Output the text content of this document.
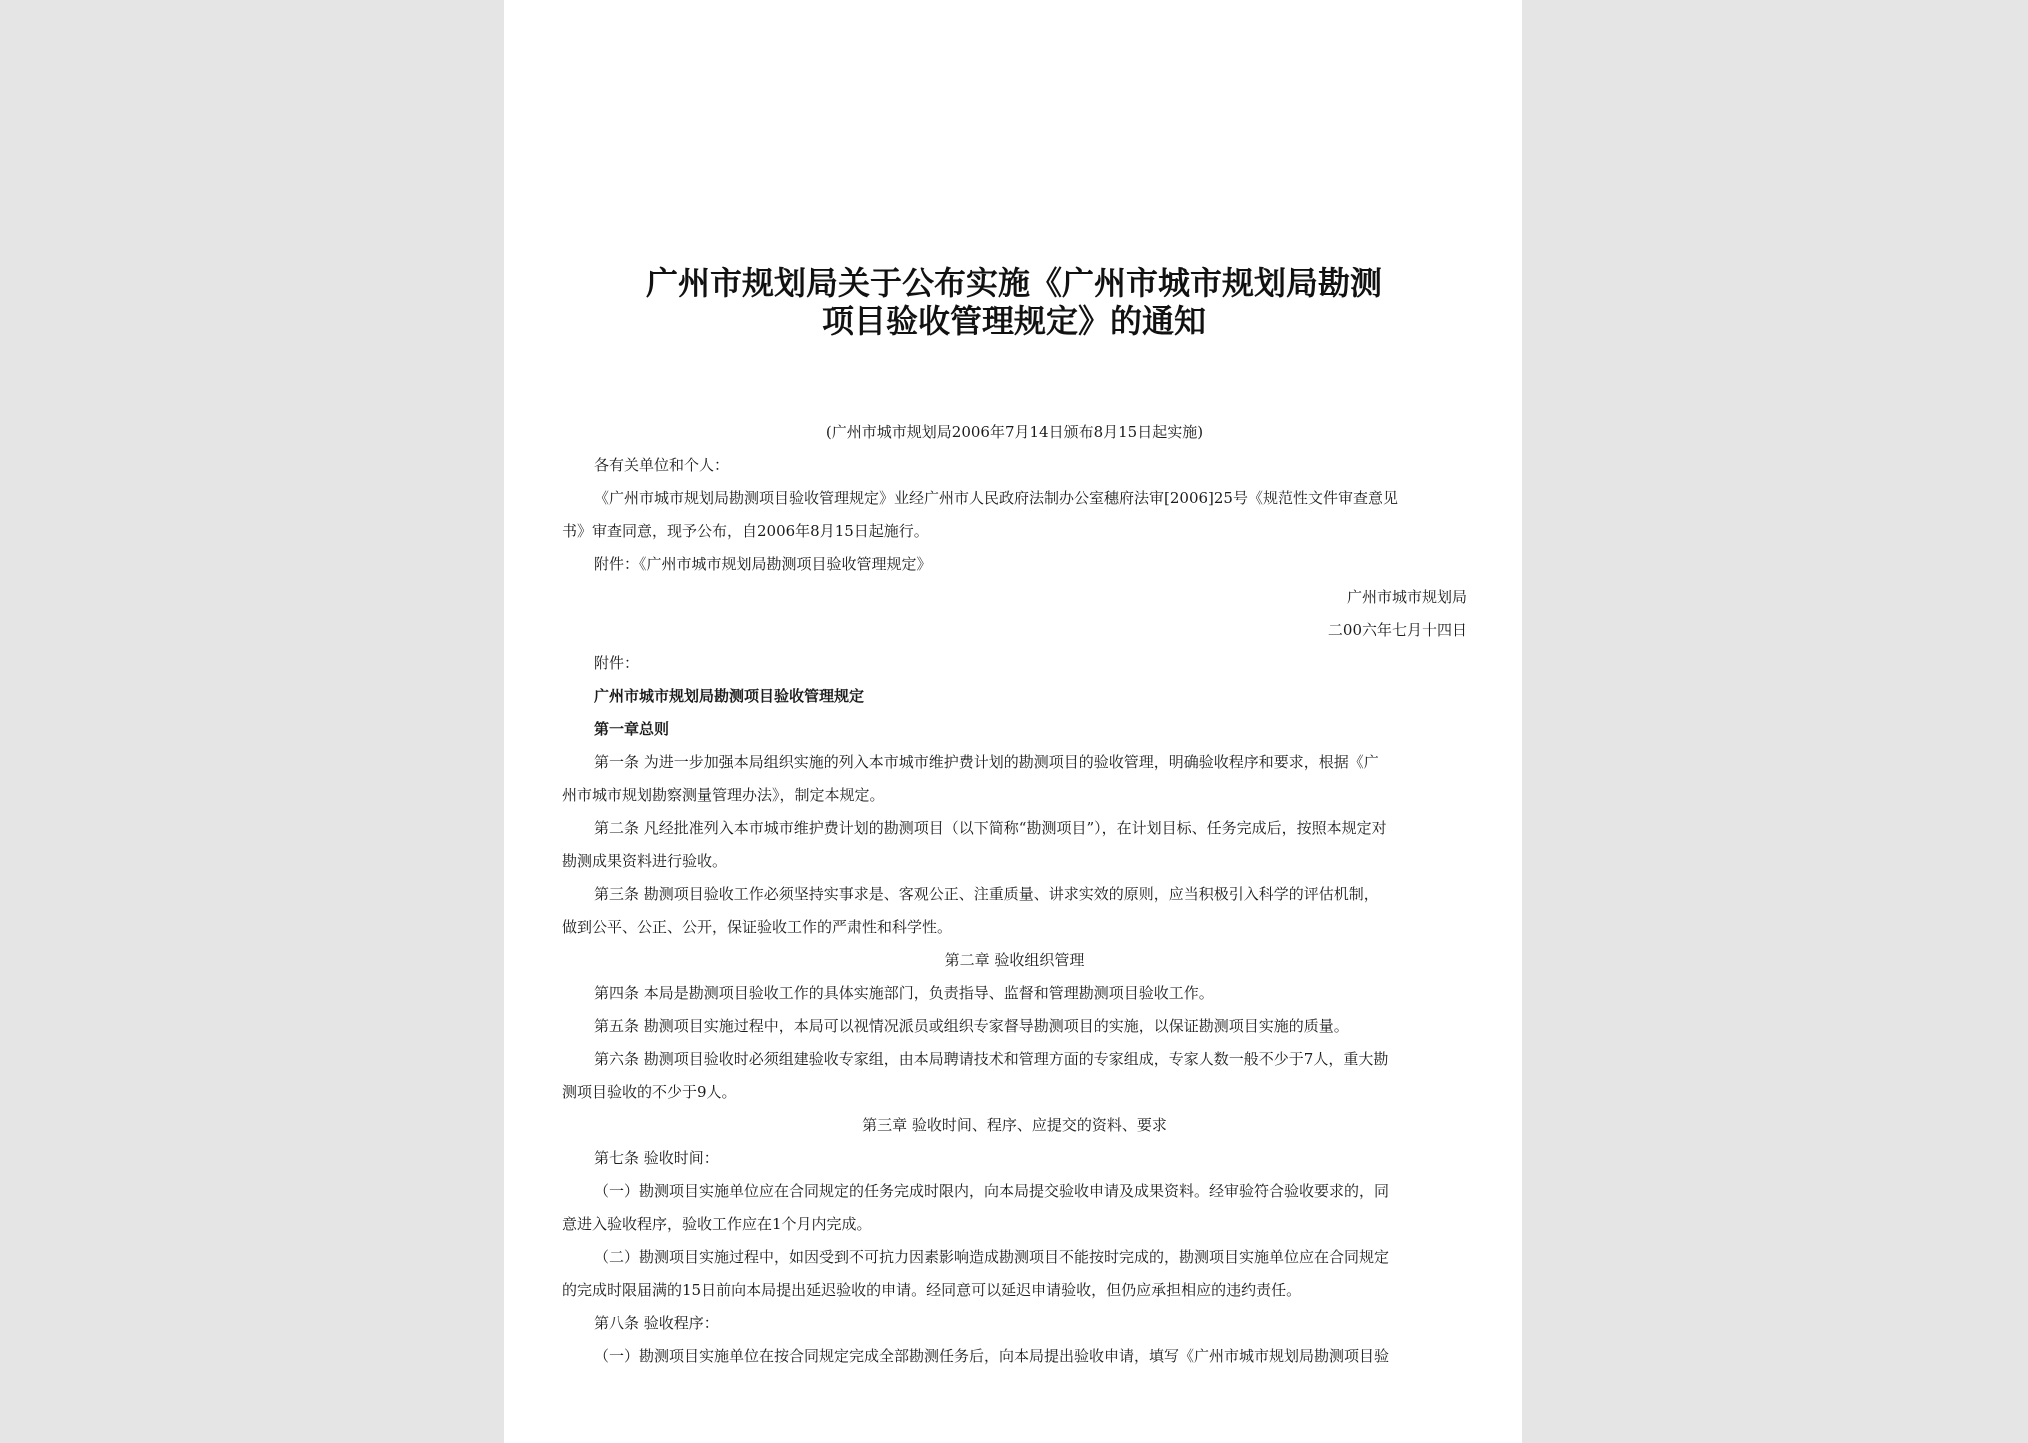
广州市规划局关于公布实施《广州市城市规划局勘测
项目验收管理规定》的通知

(广州市城市规划局2006年7月14日颁布8月15日起实施)

各有关单位和个人：

《广州市城市规划局勘测项目验收管理规定》业经广州市人民政府法制办公室穗府法审[2006]25号《规范性文件审查意见

书》审查同意，现予公布，自2006年8月15日起施行。

附件：《广州市城市规划局勘测项目验收管理规定》

广州市城市规划局

二00六年七月十四日

附件：

广州市城市规划局勘测项目验收管理规定

第一章总则

第一条 为进一步加强本局组织实施的列入本市城市维护费计划的勘测项目的验收管理，明确验收程序和要求，根据《广

州市城市规划勘察测量管理办法》，制定本规定。

第二条 凡经批准列入本市城市维护费计划的勘测项目（以下简称“勘测项目”），在计划目标、任务完成后，按照本规定对

勘测成果资料进行验收。

第三条 勘测项目验收工作必须坚持实事求是、客观公正、注重质量、讲求实效的原则，应当积极引入科学的评估机制，

做到公平、公正、公开，保证验收工作的严肃性和科学性。

第二章 验收组织管理

第四条 本局是勘测项目验收工作的具体实施部门，负责指导、监督和管理勘测项目验收工作。

第五条 勘测项目实施过程中，本局可以视情况派员或组织专家督导勘测项目的实施，以保证勘测项目实施的质量。

第六条 勘测项目验收时必须组建验收专家组，由本局聘请技术和管理方面的专家组成，专家人数一般不少于7人，重大勘

测项目验收的不少于9人。

第三章 验收时间、程序、应提交的资料、要求

第七条 验收时间：

（一）勘测项目实施单位应在合同规定的任务完成时限内，向本局提交验收申请及成果资料。经审验符合验收要求的，同

意进入验收程序，验收工作应在1个月内完成。

（二）勘测项目实施过程中，如因受到不可抗力因素影响造成勘测项目不能按时完成的，勘测项目实施单位应在合同规定

的完成时限届满的15日前向本局提出延迟验收的申请。经同意可以延迟申请验收，但仍应承担相应的违约责任。

第八条 验收程序：

（一）勘测项目实施单位在按合同规定完成全部勘测任务后，向本局提出验收申请，填写《广州市城市规划局勘测项目验
